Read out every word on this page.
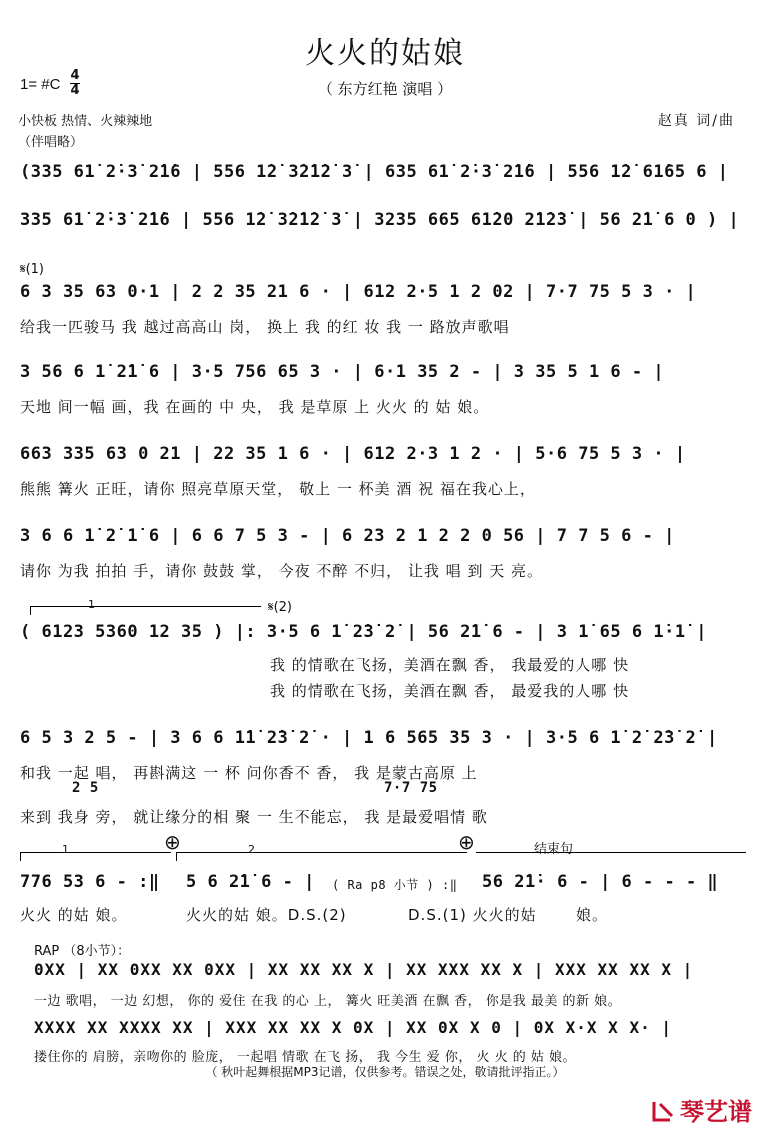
火火的姑娘
（ 东方红艳 演唱 ）
1= #C
4
4
小快板 热情、火辣辣地
（伴唱略）
赵真 词/曲
(335 61̇ 2̇·3̇ 2̇1̇6 | 556 1̇2̇ 3̇2̇1̇2̇ 3̇ | 635 61̇ 2̇·3̇ 2̇1̇6 | 556 1̇2̇ 61̇65 6 |
335 61̇ 2̇·3̇ 2̇1̇6 | 556 1̇2̇ 3̇2̇1̇2̇ 3̇ | 3235 665 61̇20 2̇1̇2̇3̇ | 56 2̇1̇ 6 0 ) |
𝄋(1)
6 3 35 63 0·1 | 2 2 35 21 6 · | 612 2·5 1 2 02 | 7·7 75 5 3 · |
给我一匹骏马 我 越过高高山 岗， 换上 我 的红 妆 我 一 路放声歌唱
3 56 6 1̇ 2̇1̇ 6 | 3·5 756 65 3 · | 6·1 35 2 - | 3 35 5 1 6 - |
天地 间一幅 画，我 在画的 中 央， 我 是草原 上 火火 的 姑 娘。
663 335 63 0 21 | 22 35 1 6 · | 612 2·3 1 2 · | 5·6 75 5 3 · |
熊熊 篝火 正旺，请你 照亮草原天堂， 敬上 一 杯美 酒 祝 福在我心上，
3 6 6 1̇ 2̇ 1̇ 6 | 6 6 7 5 3 - | 6 23 2 1 2 2 0 56 | 7 7 5 6 - |
请你 为我 拍拍 手，请你 鼓鼓 掌， 今夜 不醉 不归， 让我 唱 到 天 亮。
1	𝄋(2)
( 6123 5360 12 35 ) |: 3·5 6 1̇ 2̇3̇ 2̇ | 56 2̇1̇ 6 - | 3 1̇ 65 6 1̇·1̇ |
我 的情歌在飞扬，美酒在飘 香， 我最爱的人哪 快
我 的情歌在飞扬，美酒在飘 香， 最爱我的人哪 快
6 5 3 2 5 - | 3 6 6 1̇1̇ 2̇3̇ 2̇ · | 1 6 565 35 3 · | 3·5 6 1̇ 2̇ 2̇3̇ 2̇ |
和我 一起 唱， 再斟满这 一 杯 问你香不 香， 我 是蒙古高原 上
2 5	7·7 75
来到 我身 旁， 就让缘分的相 聚 一 生不能忘， 我 是最爱唱情 歌
⊕	⊕
1	2	结束句
776 53 6 - :‖ 5 6 2̇1̇ 6 - | ( Ra p8 小节 ) :‖ 56 2̇1̇· 6 - | 6 - - - ‖
火火 的姑 娘。	火火的姑 娘。D.S.(2)	D.S.(1) 火火的姑	娘。
RAP （8小节）：
0XX | XX 0XX XX 0XX | XX XX XX X | XX XXX XX X | XXX XX XX X |
一边 歌唱， 一边 幻想， 你的 爱住 在我 的心 上， 篝火 旺美酒 在飘 香， 你是我 最美 的新 娘。
XXXX XX XXXX XX | XXX XX XX X 0X | XX 0X X 0 | 0X X·X X X· |
搂住你的 肩膀，亲吻你的 脸庞， 一起唱 情歌 在飞 扬， 我 今生 爱 你， 火 火 的 姑 娘。
（ 秋叶起舞根据MP3记谱，仅供参考。错误之处，敬请批评指正。）
琴艺谱
